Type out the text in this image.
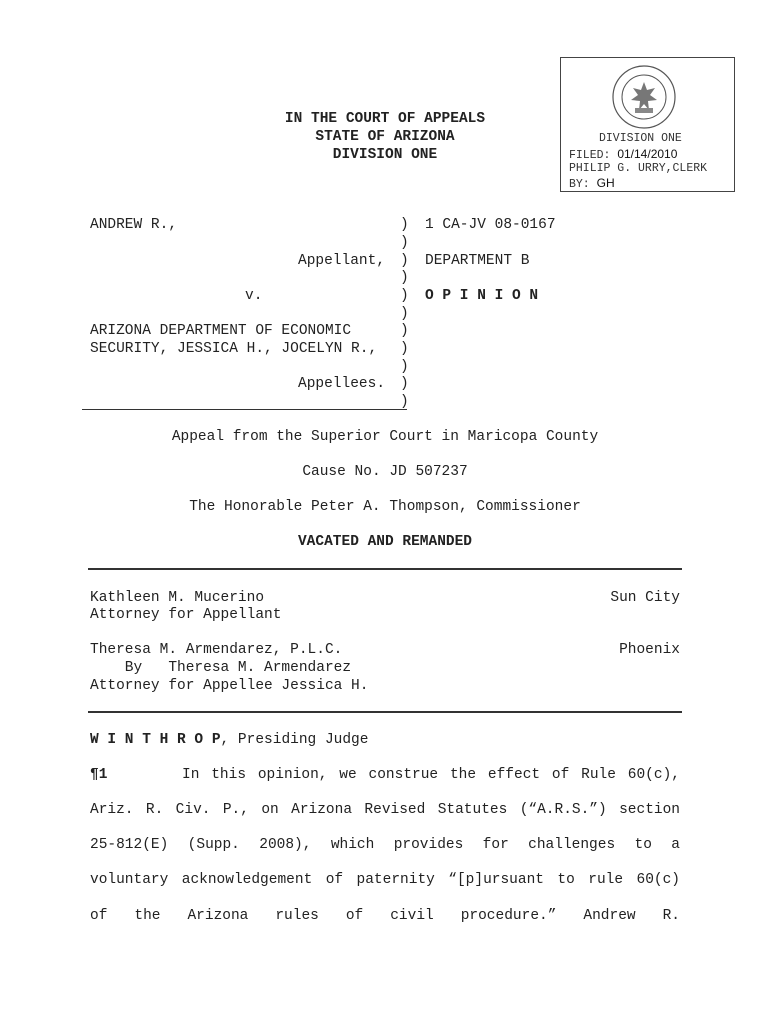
DIVISION ONE
FILED: 01/14/2010
PHILIP G. URRY,CLERK
BY: GH
IN THE COURT OF APPEALS
STATE OF ARIZONA
DIVISION ONE
ANDREW R.,
Appellant,
v.
ARIZONA DEPARTMENT OF ECONOMIC
SECURITY, JESSICA H., JOCELYN R.,
Appellees.
)
)
)
)
)
)
)
)
)
)
)
1 CA-JV 08-0167
DEPARTMENT B
O P I N I O N
Appeal from the Superior Court in Maricopa County
Cause No. JD 507237
The Honorable Peter A. Thompson, Commissioner
VACATED AND REMANDED
Kathleen M. Mucerino
Attorney for Appellant
Sun City
Theresa M. Armendarez, P.L.C.
By   Theresa M. Armendarez
Attorney for Appellee Jessica H.
Phoenix
W I N T H R O P, Presiding Judge
¶1	In this opinion, we construe the effect of Rule 60(c),
Ariz. R. Civ. P., on Arizona Revised Statutes (“A.R.S.”) section
25-812(E) (Supp. 2008), which provides for challenges to a
voluntary acknowledgement of paternity “[p]ursuant to rule 60(c)
of the Arizona rules of civil procedure.” Andrew R.
